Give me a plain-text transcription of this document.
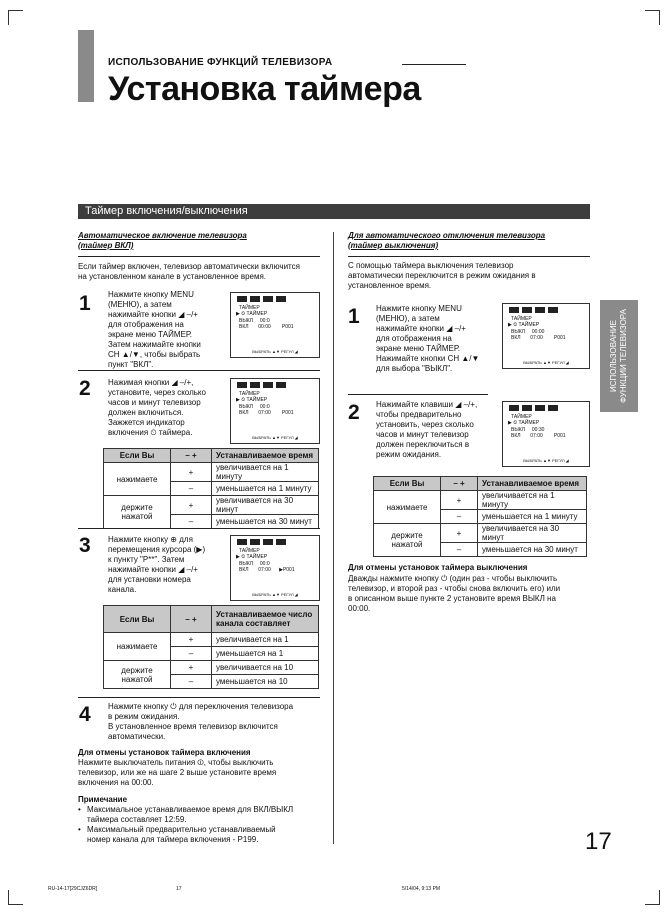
ИСПОЛЬЗОВАНИЕ ФУНКЦИЙ ТЕЛЕВИЗОРА
Установка таймера
Таймер включения/выключения
ИСПОЛЬЗОВАНИЕ ФУНКЦИИ ТЕЛЕВИЗОРА
Автоматическое включение телевизора
(таймер ВКЛ)
Если таймер включен, телевизор автоматически включится
на установленном канале в установленное время.
1 Нажмите кнопку MENU
(МЕНЮ), а затем
нажимайте кнопки ◢ –/+
для отображения на
экране меню ТАЙМЕР.
Затем нажимайте кнопки
CH ▲/▼, чтобы выбрать
пункт "ВКЛ".
ТАЙМЕР
▶ ⏲ ТАЙМЕР
ВЫКЛ     00:0
ВКЛ       00:00        P001
ВЫБРАТЬ ▲▼ РЕГУЛ ◢
2 Нажимая кнопки ◢ –/+,
установите, через сколько
часов и минут телевизор
должен включиться.
Зажжется индикатор
включения ⏲ таймера.
ТАЙМЕР
▶ ⏲ ТАЙМЕР
ВЫКЛ     00:0
ВКЛ       07:00        P001
ВЫБРАТЬ ▲▼ РЕГУЛ ◢
Если Вы	– +	Устанавливаемое время
нажимаете	+	увеличивается на 1 минуту
	–	уменьшается на 1 минуту

держите
нажатой	+	увеличивается на 30 минут
	–	уменьшается на 30 минут
3 Нажмите кнопку ⊕ для
перемещения курсора (▶)
к пункту "P**". Затем
нажимайте кнопки ◢ –/+
для установки номера
канала.
ТАЙМЕР
▶ ⏲ ТАЙМЕР
ВЫКЛ     00:0
ВКЛ       07:00      ▶P001
ВЫБРАТЬ ▲▼ РЕГУЛ ◢
Если Вы	– +	Устанавливаемое число
канала составляет

нажимаете	+	увеличивается на 1
	–	уменьшается на 1

держите
нажатой	+	увеличивается на 10
	–	уменьшается на 10
4 Нажмите кнопку ⏻ для переключения телевизора
в режим ожидания.
В установленное время телевизор включится
автоматически.
Для отмены установок таймера включения
Нажмите выключатель питания ⏼, чтобы выключить
телевизор, или же на шаге 2 выше установите время
включения на 00:00.
Примечание
• Максимальное устанавливаемое время для ВКЛ/ВЫКЛ
таймера составляет 12:59.
• Максимальный предварительно устанавливаемый
номер канала для таймера включения - P199.
Для автоматического отключения телевизора
(таймер выключения)
С помощью таймера выключения телевизор
автоматически переключится в режим ожидания в
установленное время.
1 Нажмите кнопку MENU
(МЕНЮ), а затем
нажимайте кнопки ◢ –/+
для отображения на
экране меню ТАЙМЕР.
Нажимайте кнопки CH ▲/▼
для выбора "ВЫКЛ".
ТАЙМЕР
▶ ⏲ ТАЙМЕР
ВЫКЛ     00:00
ВКЛ       07:00        P001
ВЫБРАТЬ ▲▼ РЕГУЛ ◢
2 Нажимайте клавиши ◢ –/+,
чтобы предварительно
установить, через сколько
часов и минут телевизор
должен переключиться в
режим ожидания.
ТАЙМЕР
▶ ⏲ ТАЙМЕР
ВЫКЛ     00:30
ВКЛ       07:00        P001
ВЫБРАТЬ ▲▼ РЕГУЛ ◢
Если Вы	– +	Устанавливаемое время
нажимаете	+	увеличивается на 1 минуту
	–	уменьшается на 1 минуту

держите
нажатой	+	увеличивается на 30 минут
	–	уменьшается на 30 минут
Для отмены установок таймера выключения
Дважды нажмите кнопку ⏻ (один раз - чтобы выключить
телевизор, и второй раз - чтобы снова включить его) или
в описанном выше пункте 2 установите время ВЫКЛ на
00:00.
17
RU-14-17[29CJZ6DR]	17	5/14/04, 9:13 PM
